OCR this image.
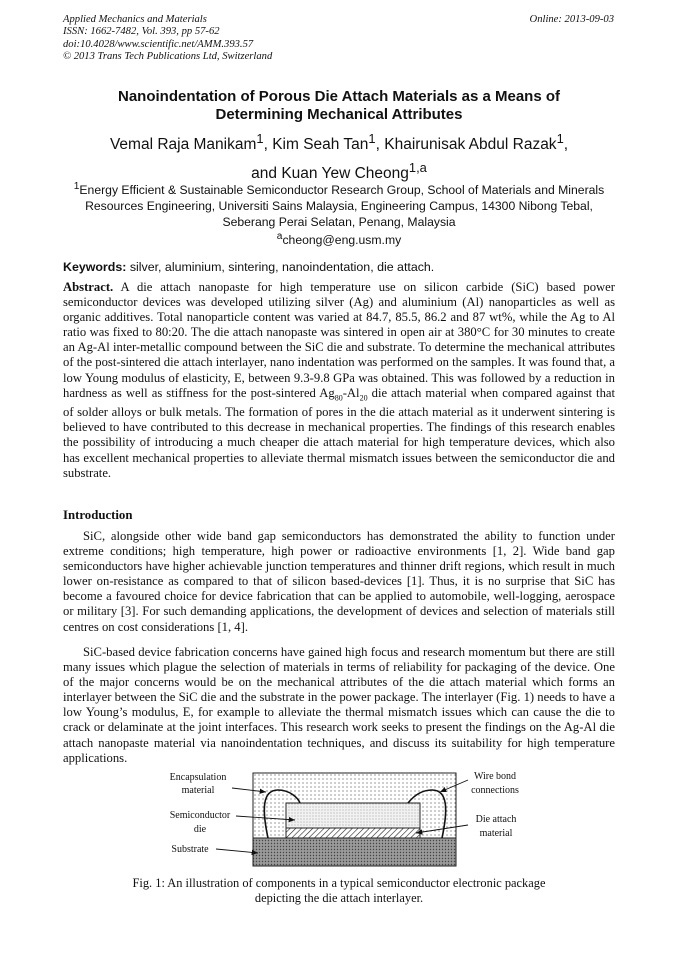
Applied Mechanics and Materials
ISSN: 1662-7482, Vol. 393, pp 57-62
doi:10.4028/www.scientific.net/AMM.393.57
© 2013 Trans Tech Publications Ltd, Switzerland
Online: 2013-09-03
Nanoindentation of Porous Die Attach Materials as a Means of
Determining Mechanical Attributes
Vemal Raja Manikam$^1$, Kim Seah Tan$^1$, Khairunisak Abdul Razak$^1$,
and Kuan Yew Cheong$^{1,a}$
$^1$Energy Efficient & Sustainable Semiconductor Research Group, School of Materials and Minerals
Resources Engineering, Universiti Sains Malaysia, Engineering Campus, 14300 Nibong Tebal,
Seberang Perai Selatan, Penang, Malaysia
$^a$cheong@eng.usm.my
Keywords: silver, aluminium, sintering, nanoindentation, die attach.
Abstract. A die attach nanopaste for high temperature use on silicon carbide (SiC) based power semiconductor devices was developed utilizing silver (Ag) and aluminium (Al) nanoparticles as well as organic additives. Total nanoparticle content was varied at 84.7, 85.5, 86.2 and 87 wt%, while the Ag to Al ratio was fixed to 80:20. The die attach nanopaste was sintered in open air at 380°C for 30 minutes to create an Ag-Al inter-metallic compound between the SiC die and substrate. To determine the mechanical attributes of the post-sintered die attach interlayer, nano indentation was performed on the samples. It was found that, a low Young modulus of elasticity, E, between 9.3-9.8 GPa was obtained. This was followed by a reduction in hardness as well as stiffness for the post-sintered $Ag_{80}-Al_{20}$ die attach material when compared against that of solder alloys or bulk metals. The formation of pores in the die attach material as it underwent sintering is believed to have contributed to this decrease in mechanical properties. The findings of this research enables the possibility of introducing a much cheaper die attach material for high temperature devices, which also has excellent mechanical properties to alleviate thermal mismatch issues between the semiconductor die and substrate.
Introduction
SiC, alongside other wide band gap semiconductors has demonstrated the ability to function under extreme conditions; high temperature, high power or radioactive environments [1, 2]. Wide band gap semiconductors have higher achievable junction temperatures and thinner drift regions, which result in much lower on-resistance as compared to that of silicon based-devices [1]. Thus, it is no surprise that SiC has become a favoured choice for device fabrication that can be applied to automobile, well-logging, aerospace or military [3]. For such demanding applications, the development of devices and selection of materials still centres on cost considerations [1, 4].
SiC-based device fabrication concerns have gained high focus and research momentum but there are still many issues which plague the selection of materials in terms of reliability for packaging of the device. One of the major concerns would be on the mechanical attributes of the die attach material which forms an interlayer between the SiC die and the substrate in the power package. The interlayer (Fig. 1) needs to have a low Young’s modulus, E, for example to alleviate the thermal mismatch issues which can cause the die to crack or delaminate at the joint interfaces. This research work seeks to present the findings on the Ag-Al die attach nanopaste material via nanoindentation techniques, and discuss its suitability for high temperature applications.
Encapsulation
material
Semiconductor
die
Substrate
Wire bond
connections
Die attach
material
Fig. 1: An illustration of components in a typical semiconductor electronic package
depicting the die attach interlayer.
